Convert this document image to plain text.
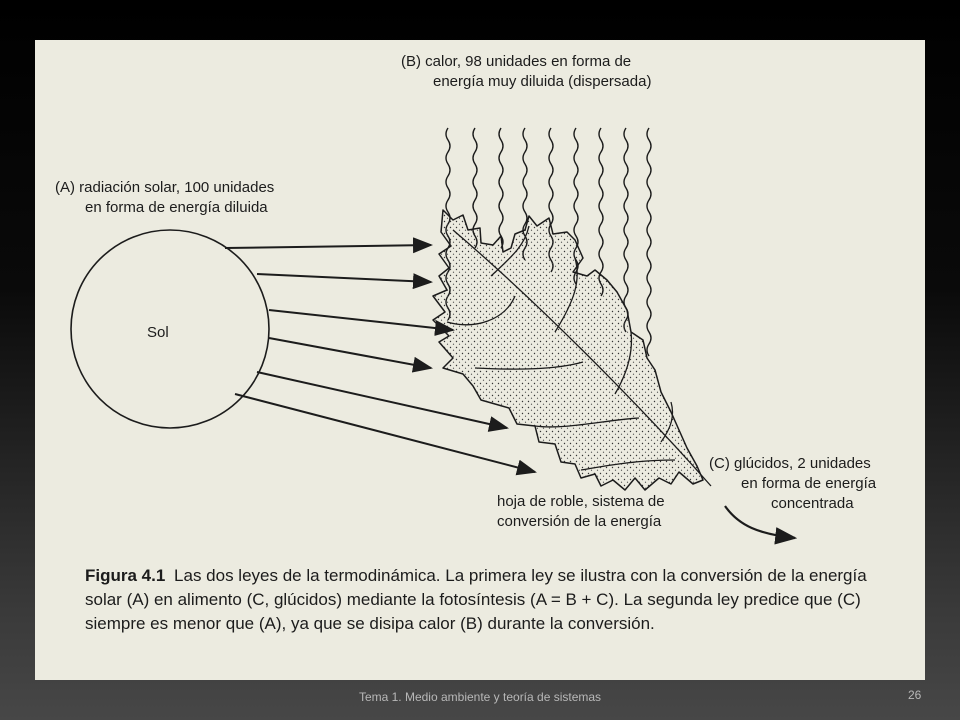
(A) radiación solar, 100 unidades
en forma de energía diluida
(B) calor, 98 unidades en forma de
energía muy diluida (dispersada)
(C) glúcidos, 2 unidades
en forma de energía
concentrada
Sol
hoja de roble, sistema de
conversión de la energía
Figura 4.1 Las dos leyes de la termodinámica. La primera ley se ilustra con la conversión de la energía solar (A) en alimento (C, glúcidos) mediante la fotosíntesis (A = B + C). La segunda ley predice que (C) siempre es menor que (A), ya que se disipa calor (B) durante la conversión.
Tema 1. Medio ambiente y teoría de sistemas	26
